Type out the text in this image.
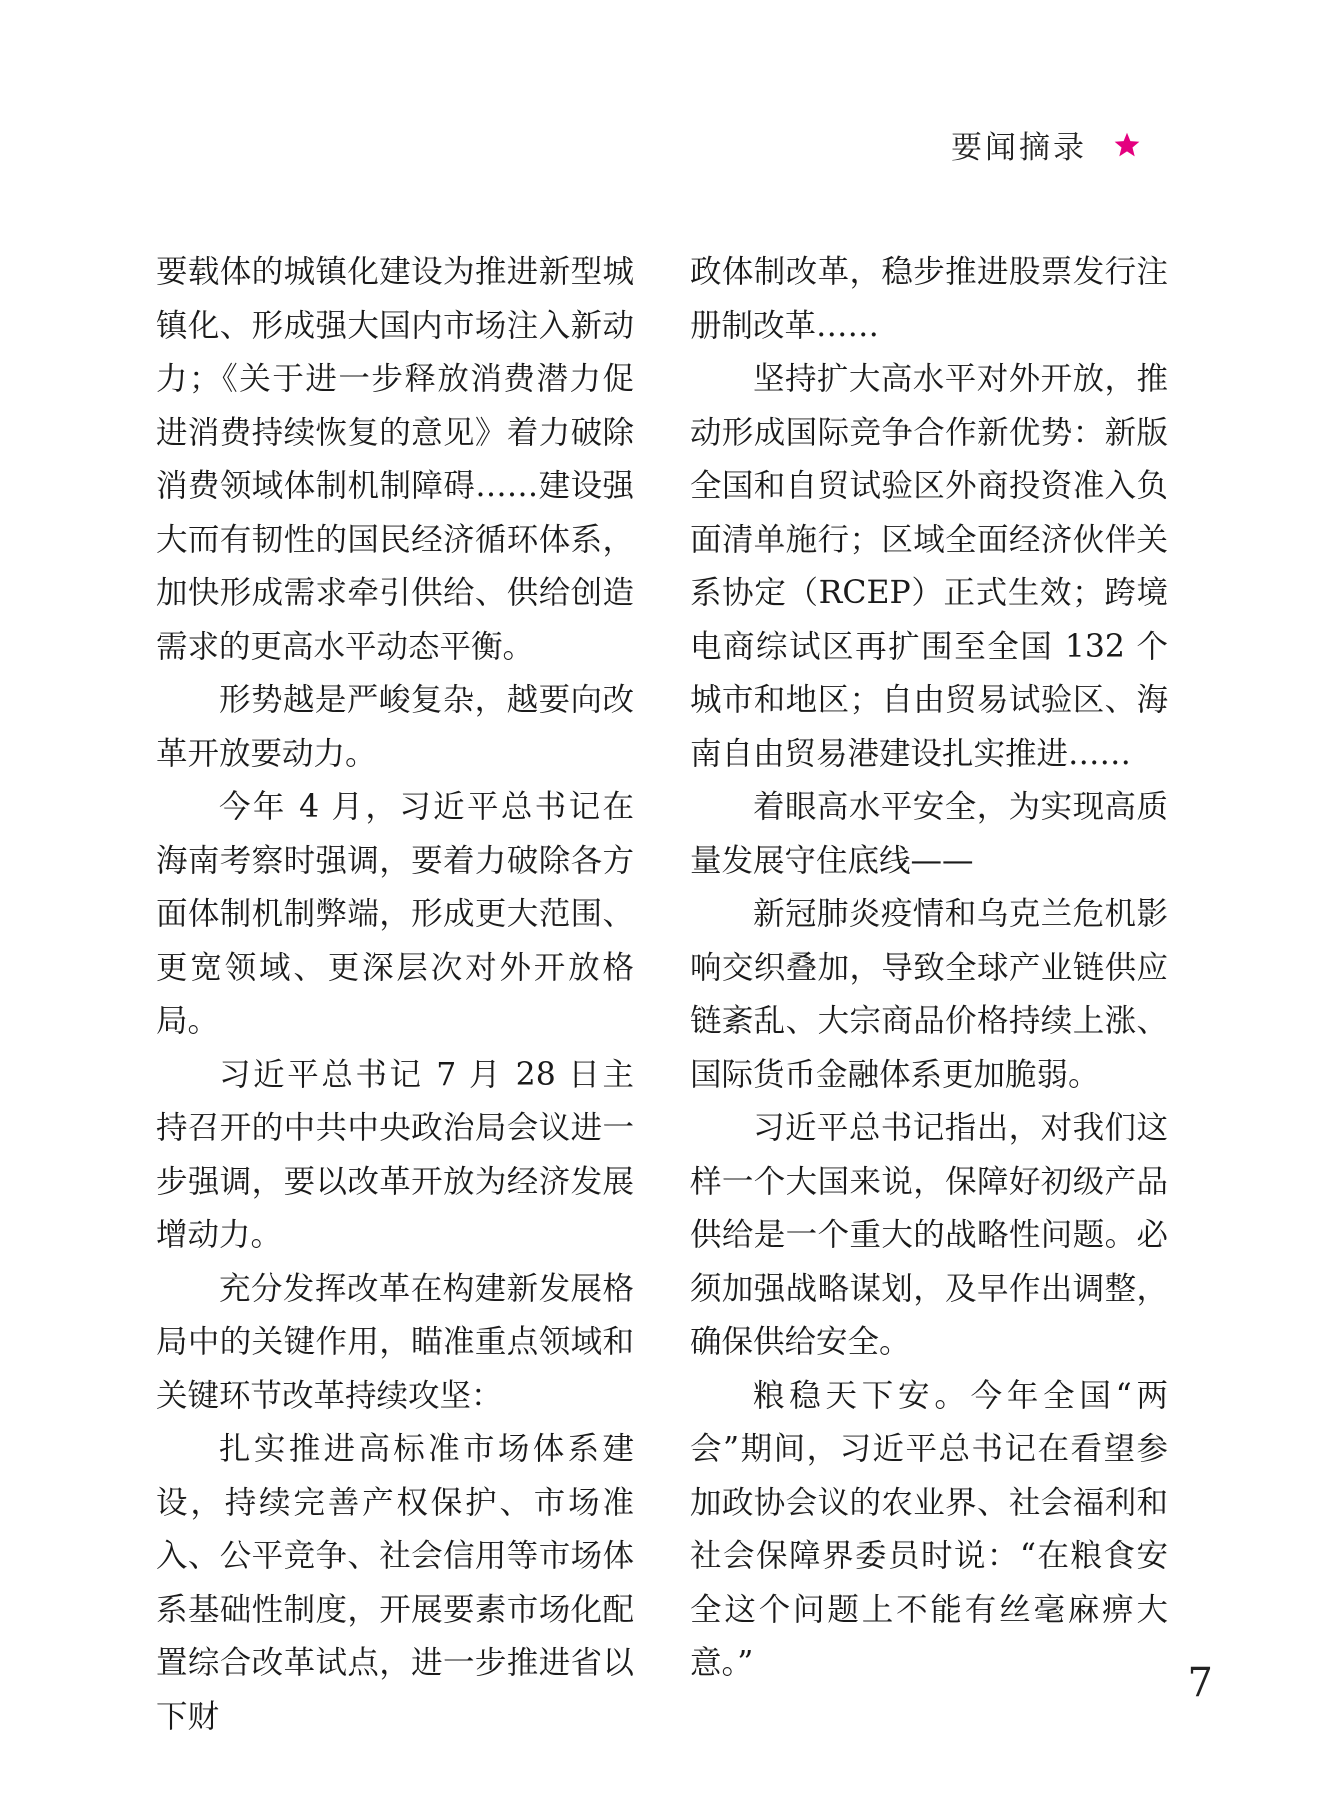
要闻摘录

要载体的城镇化建设为推进新型城镇化、形成强大国内市场注入新动力；《关于进一步释放消费潜力促进消费持续恢复的意见》着力破除消费领域体制机制障碍……建设强大而有韧性的国民经济循环体系，加快形成需求牵引供给、供给创造需求的更高水平动态平衡。

形势越是严峻复杂，越要向改革开放要动力。

今年 4 月，习近平总书记在海南考察时强调，要着力破除各方面体制机制弊端，形成更大范围、更宽领域、更深层次对外开放格局。

习近平总书记 7 月 28 日主持召开的中共中央政治局会议进一步强调，要以改革开放为经济发展增动力。

充分发挥改革在构建新发展格局中的关键作用，瞄准重点领域和关键环节改革持续攻坚：

扎实推进高标准市场体系建设，持续完善产权保护、市场准入、公平竞争、社会信用等市场体系基础性制度，开展要素市场化配置综合改革试点，进一步推进省以下财

政体制改革，稳步推进股票发行注册制改革……

坚持扩大高水平对外开放，推动形成国际竞争合作新优势：新版全国和自贸试验区外商投资准入负面清单施行；区域全面经济伙伴关系协定（RCEP）正式生效；跨境电商综试区再扩围至全国 132 个城市和地区；自由贸易试验区、海南自由贸易港建设扎实推进……

着眼高水平安全，为实现高质量发展守住底线——

新冠肺炎疫情和乌克兰危机影响交织叠加，导致全球产业链供应链紊乱、大宗商品价格持续上涨、国际货币金融体系更加脆弱。

习近平总书记指出，对我们这样一个大国来说，保障好初级产品供给是一个重大的战略性问题。必须加强战略谋划，及早作出调整，确保供给安全。

粮稳天下安。今年全国“两会”期间，习近平总书记在看望参加政协会议的农业界、社会福利和社会保障界委员时说：“在粮食安全这个问题上不能有丝毫麻痹大意。”	7
